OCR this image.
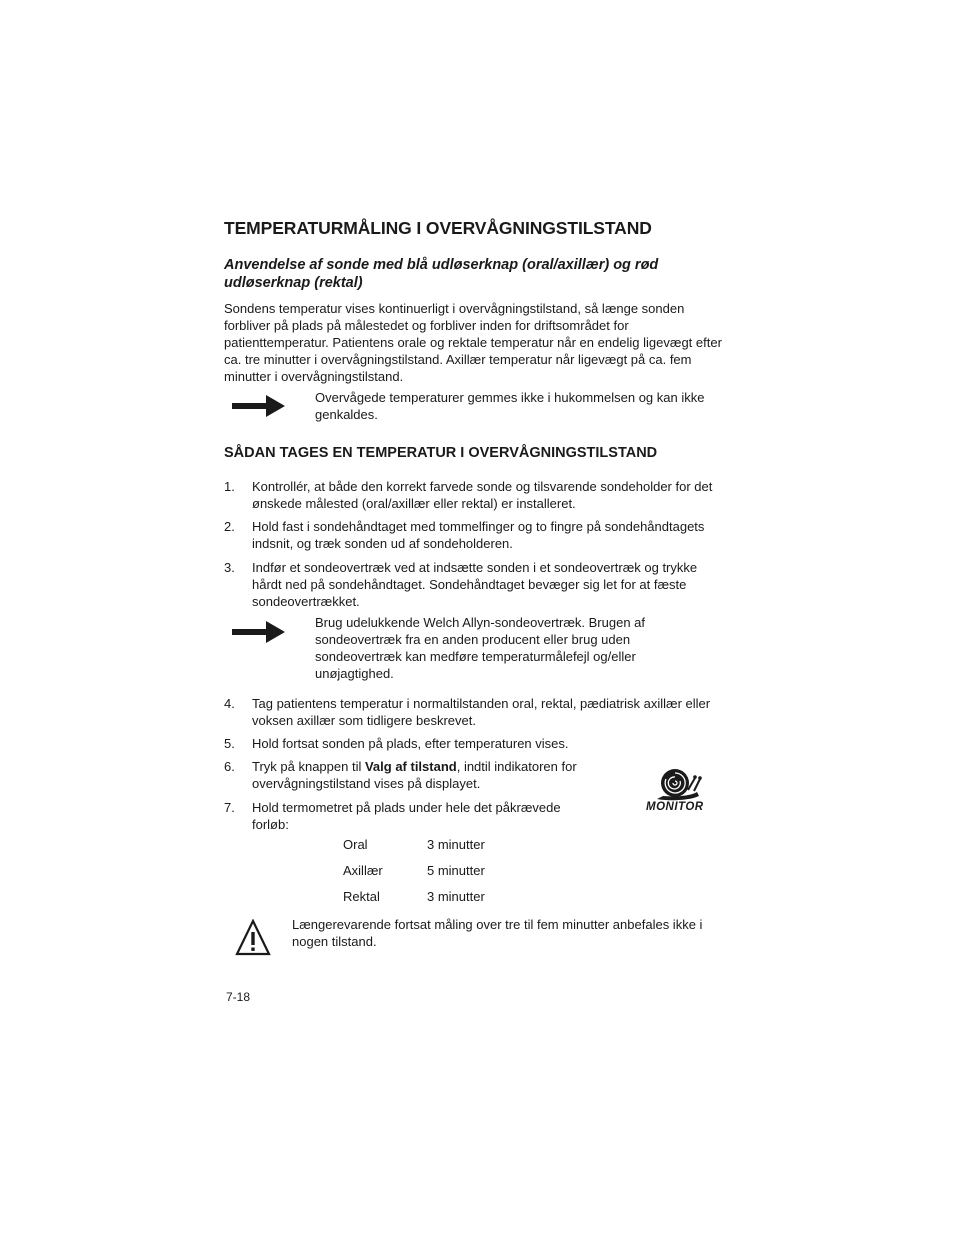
TEMPERATURMÅLING I OVERVÅGNINGSTILSTAND
Anvendelse af sonde med blå udløserknap (oral/axillær) og rød udløserknap (rektal)
Sondens temperatur vises kontinuerligt i overvågningstilstand, så længe sonden forbliver på plads på målestedet og forbliver inden for driftsområdet for patienttemperatur. Patientens orale og rektale temperatur når en endelig ligevægt efter ca. tre minutter i overvågningstilstand. Axillær temperatur når ligevægt på ca. fem minutter i overvågningstilstand.
Overvågede temperaturer gemmes ikke i hukommelsen og kan ikke genkaldes.
SÅDAN TAGES EN TEMPERATUR I OVERVÅGNINGSTILSTAND
1. Kontrollér, at både den korrekt farvede sonde og tilsvarende sondeholder for det ønskede målested (oral/axillær eller rektal) er installeret.
2. Hold fast i sondehåndtaget med tommelfinger og to fingre på sondehåndtagets indsnit, og træk sonden ud af sondeholderen.
3. Indfør et sondeovertræk ved at indsætte sonden i et sondeovertræk og trykke hårdt ned på sondehåndtaget. Sondehåndtaget bevæger sig let for at fæste sondeovertrækket.
Brug udelukkende Welch Allyn-sondeovertræk. Brugen af sondeovertræk fra en anden producent eller brug uden sondeovertræk kan medføre temperaturmålefejl og/eller unøjagtighed.
4. Tag patientens temperatur i normaltilstanden oral, rektal, pædiatrisk axillær eller voksen axillær som tidligere beskrevet.
5. Hold fortsat sonden på plads, efter temperaturen vises.
6. Tryk på knappen til Valg af tilstand, indtil indikatoren for overvågningstilstand vises på displayet.
7. Hold termometret på plads under hele det påkrævede forløb:
MONITOR
Oral	3 minutter
Axillær	5 minutter
Rektal	3 minutter
Længerevarende fortsat måling over tre til fem minutter anbefales ikke i nogen tilstand.
7-18
